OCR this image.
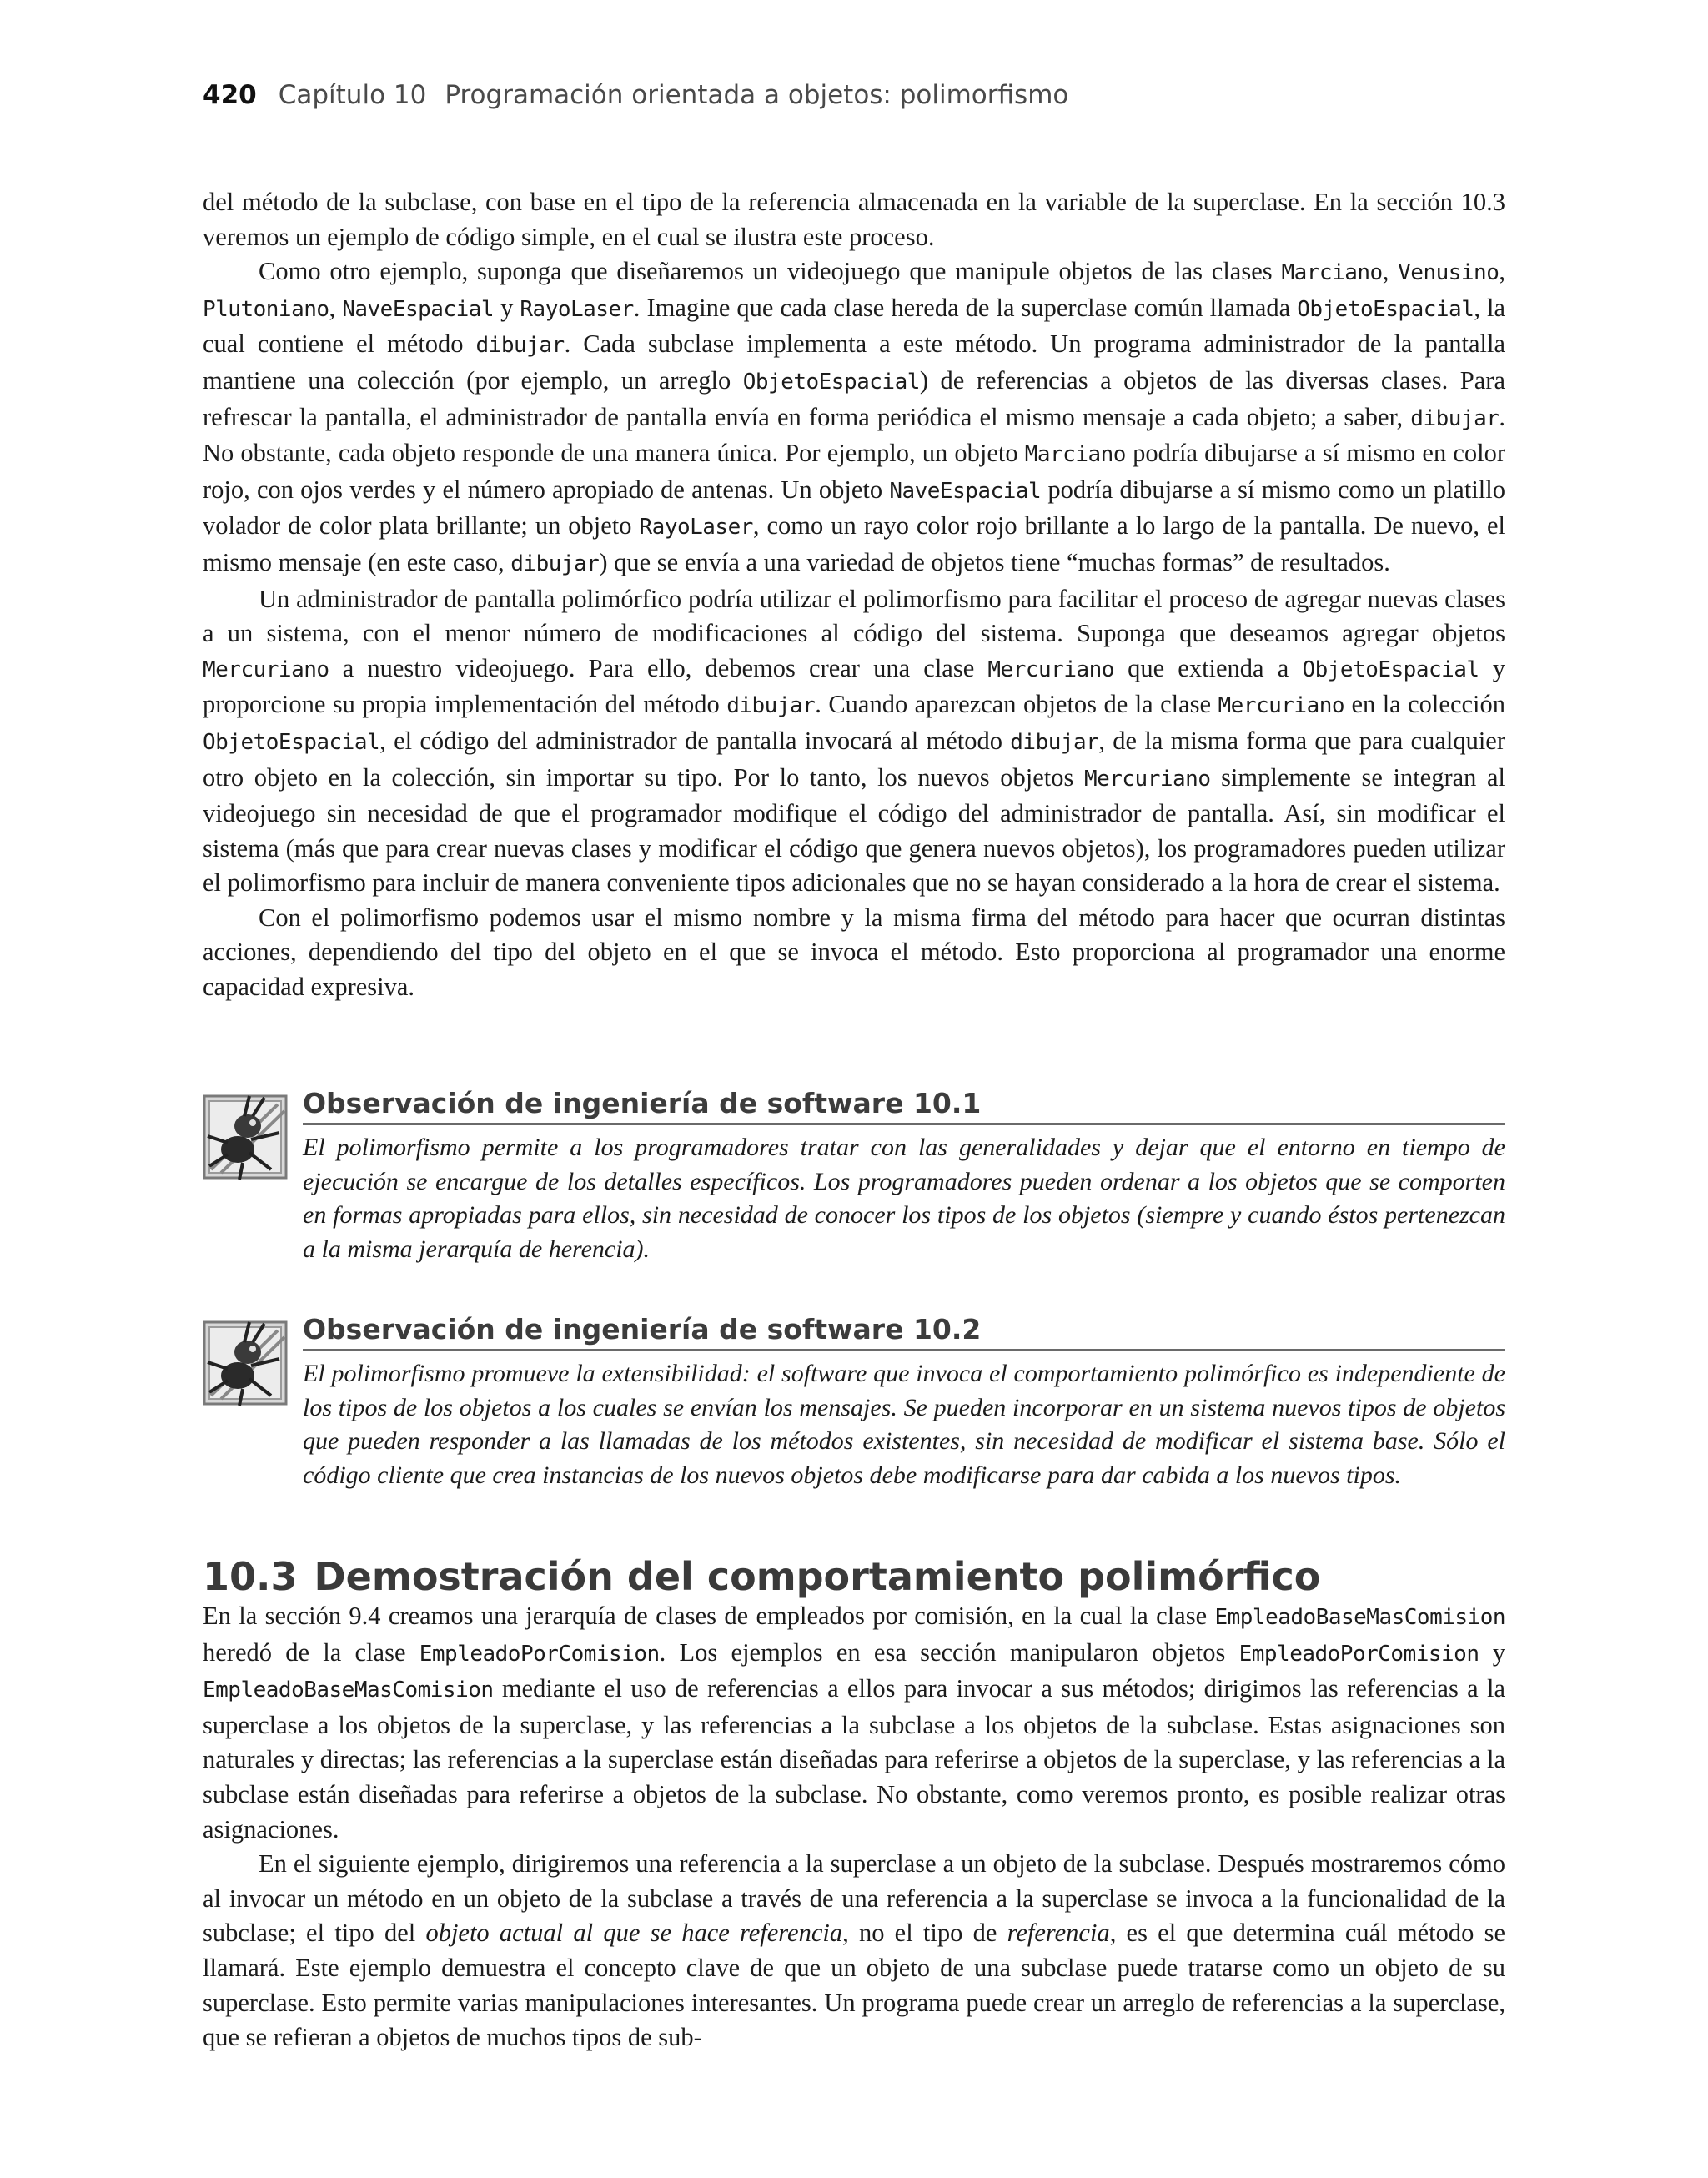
420 Capítulo 10 Programación orientada a objetos: polimorfismo

del método de la subclase, con base en el tipo de la referencia almacenada en la variable de la superclase. En la sección 10.3 veremos un ejemplo de código simple, en el cual se ilustra este proceso.

Como otro ejemplo, suponga que diseñaremos un videojuego que manipule objetos de las clases Marciano, Venusino, Plutoniano, NaveEspacial y RayoLaser. Imagine que cada clase hereda de la superclase común llamada ObjetoEspacial, la cual contiene el método dibujar. Cada subclase implementa a este método. Un programa administrador de la pantalla mantiene una colección (por ejemplo, un arreglo ObjetoEspacial) de referencias a objetos de las diversas clases. Para refrescar la pantalla, el administrador de pantalla envía en forma periódica el mismo mensaje a cada objeto; a saber, dibujar. No obstante, cada objeto responde de una manera única. Por ejemplo, un objeto Marciano podría dibujarse a sí mismo en color rojo, con ojos verdes y el número apropiado de antenas. Un objeto NaveEspacial podría dibujarse a sí mismo como un platillo volador de color plata brillante; un objeto RayoLaser, como un rayo color rojo brillante a lo largo de la pantalla. De nuevo, el mismo mensaje (en este caso, dibujar) que se envía a una variedad de objetos tiene “muchas formas” de resultados.

Un administrador de pantalla polimórfico podría utilizar el polimorfismo para facilitar el proceso de agregar nuevas clases a un sistema, con el menor número de modificaciones al código del sistema. Suponga que deseamos agregar objetos Mercuriano a nuestro videojuego. Para ello, debemos crear una clase Mercuriano que extienda a ObjetoEspacial y proporcione su propia implementación del método dibujar. Cuando aparezcan objetos de la clase Mercuriano en la colección ObjetoEspacial, el código del administrador de pantalla invocará al método dibujar, de la misma forma que para cualquier otro objeto en la colección, sin importar su tipo. Por lo tanto, los nuevos objetos Mercuriano simplemente se integran al videojuego sin necesidad de que el programador modifique el código del administrador de pantalla. Así, sin modificar el sistema (más que para crear nuevas clases y modificar el código que genera nuevos objetos), los programadores pueden utilizar el polimorfismo para incluir de manera conveniente tipos adicionales que no se hayan considerado a la hora de crear el sistema.

Con el polimorfismo podemos usar el mismo nombre y la misma firma del método para hacer que ocurran distintas acciones, dependiendo del tipo del objeto en el que se invoca el método. Esto proporciona al programador una enorme capacidad expresiva.

Observación de ingeniería de software 10.1
El polimorfismo permite a los programadores tratar con las generalidades y dejar que el entorno en tiempo de ejecución se encargue de los detalles específicos. Los programadores pueden ordenar a los objetos que se comporten en formas apropiadas para ellos, sin necesidad de conocer los tipos de los objetos (siempre y cuando éstos pertenezcan a la misma jerarquía de herencia).
Observación de ingeniería de software 10.2
El polimorfismo promueve la extensibilidad: el software que invoca el comportamiento polimórfico es independiente de los tipos de los objetos a los cuales se envían los mensajes. Se pueden incorporar en un sistema nuevos tipos de objetos que pueden responder a las llamadas de los métodos existentes, sin necesidad de modificar el sistema base. Sólo el código cliente que crea instancias de los nuevos objetos debe modificarse para dar cabida a los nuevos tipos.
10.3 Demostración del comportamiento polimórfico

En la sección 9.4 creamos una jerarquía de clases de empleados por comisión, en la cual la clase EmpleadoBaseMasComision heredó de la clase EmpleadoPorComision. Los ejemplos en esa sección manipularon objetos EmpleadoPorComision y EmpleadoBaseMasComision mediante el uso de referencias a ellos para invocar a sus métodos; dirigimos las referencias a la superclase a los objetos de la superclase, y las referencias a la subclase a los objetos de la subclase. Estas asignaciones son naturales y directas; las referencias a la superclase están diseñadas para referirse a objetos de la superclase, y las referencias a la subclase están diseñadas para referirse a objetos de la subclase. No obstante, como veremos pronto, es posible realizar otras asignaciones.

En el siguiente ejemplo, dirigiremos una referencia a la superclase a un objeto de la subclase. Después mostraremos cómo al invocar un método en un objeto de la subclase a través de una referencia a la superclase se invoca a la funcionalidad de la subclase; el tipo del objeto actual al que se hace referencia, no el tipo de referencia, es el que determina cuál método se llamará. Este ejemplo demuestra el concepto clave de que un objeto de una subclase puede tratarse como un objeto de su superclase. Esto permite varias manipulaciones interesantes. Un programa puede crear un arreglo de referencias a la superclase, que se refieran a objetos de muchos tipos de sub-
